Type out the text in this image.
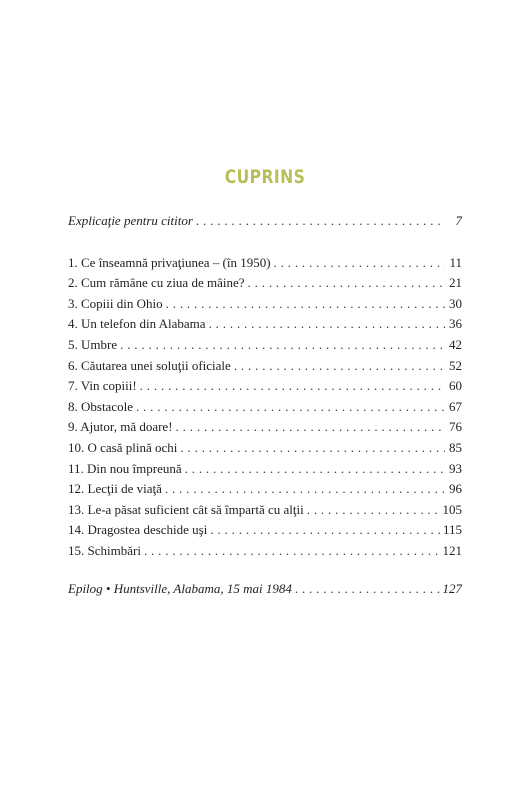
CUPRINS
Explicaţie pentru cititor . . .	7
1. Ce înseamnă privaţiunea – (în 1950) . . .	11
2. Cum rămâne cu ziua de mâine? . . .	21
3. Copiii din Ohio . . .	30
4. Un telefon din Alabama . . .	36
5. Umbre . . .	42
6. Căutarea unei soluţii oficiale . . .	52
7. Vin copiii! . . .	60
8. Obstacole . . .	67
9. Ajutor, mă doare! . . .	76
10. O casă plină ochi . . .	85
11. Din nou împreună . . .	93
12. Lecţii de viaţă . . .	96
13. Le-a păsat suficient cât să împartă cu alţii . . .	105
14. Dragostea deschide uşi . . .	115
15. Schimbări . . .	121
Epilog • Huntsville, Alabama, 15 mai 1984 . . .	127
